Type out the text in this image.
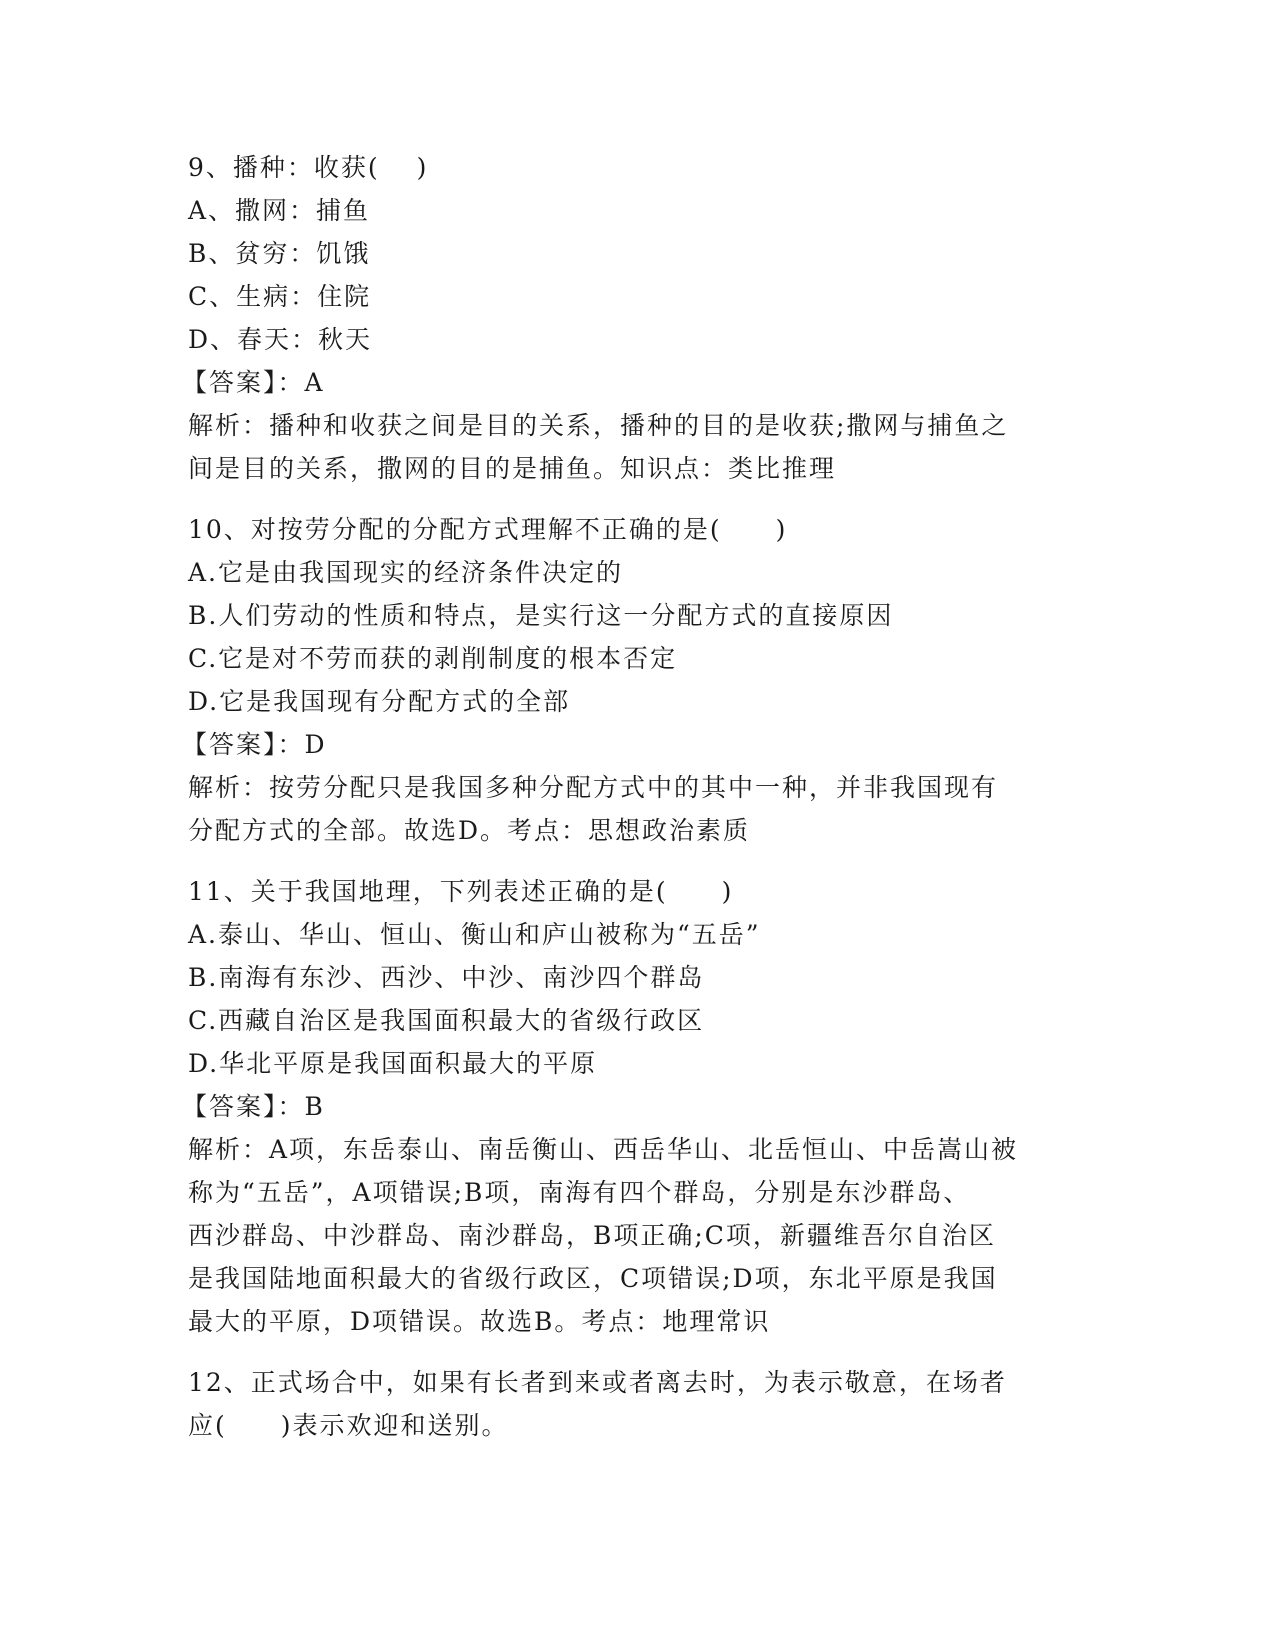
9、播种：收获(　 )
A、撒网：捕鱼
B、贫穷：饥饿
C、生病：住院
D、春天：秋天
【答案】：A
解析：播种和收获之间是目的关系，播种的目的是收获;撒网与捕鱼之
间是目的关系，撒网的目的是捕鱼。知识点：类比推理
10、对按劳分配的分配方式理解不正确的是(　　)
A.它是由我国现实的经济条件决定的
B.人们劳动的性质和特点，是实行这一分配方式的直接原因
C.它是对不劳而获的剥削制度的根本否定
D.它是我国现有分配方式的全部
【答案】：D
解析：按劳分配只是我国多种分配方式中的其中一种，并非我国现有
分配方式的全部。故选D。考点：思想政治素质
11、关于我国地理，下列表述正确的是(　　)
A.泰山、华山、恒山、衡山和庐山被称为“五岳”
B.南海有东沙、西沙、中沙、南沙四个群岛
C.西藏自治区是我国面积最大的省级行政区
D.华北平原是我国面积最大的平原
【答案】：B
解析：A项，东岳泰山、南岳衡山、西岳华山、北岳恒山、中岳嵩山被
称为“五岳”，A项错误;B项，南海有四个群岛，分别是东沙群岛、
西沙群岛、中沙群岛、南沙群岛，B项正确;C项，新疆维吾尔自治区
是我国陆地面积最大的省级行政区，C项错误;D项，东北平原是我国
最大的平原，D项错误。故选B。考点：地理常识
12、正式场合中，如果有长者到来或者离去时，为表示敬意，在场者
应(　　)表示欢迎和送别。
